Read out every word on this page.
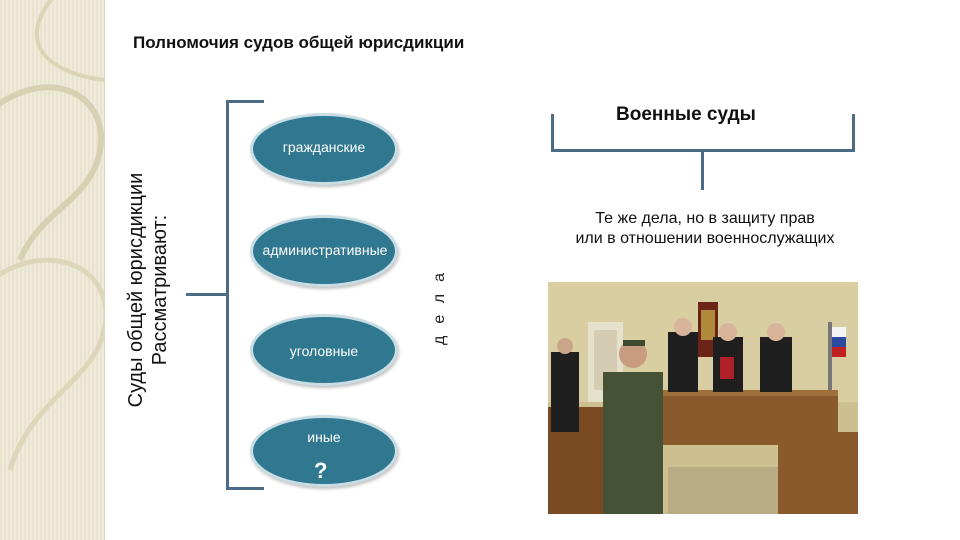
Полномочия судов общей юрисдикции
Суды общей юрисдикции Рассматривают:
гражданские
административные
уголовные
иные
?
дела
Военные суды
Те же дела, но в защиту прав
или в отношении военнослужащих
